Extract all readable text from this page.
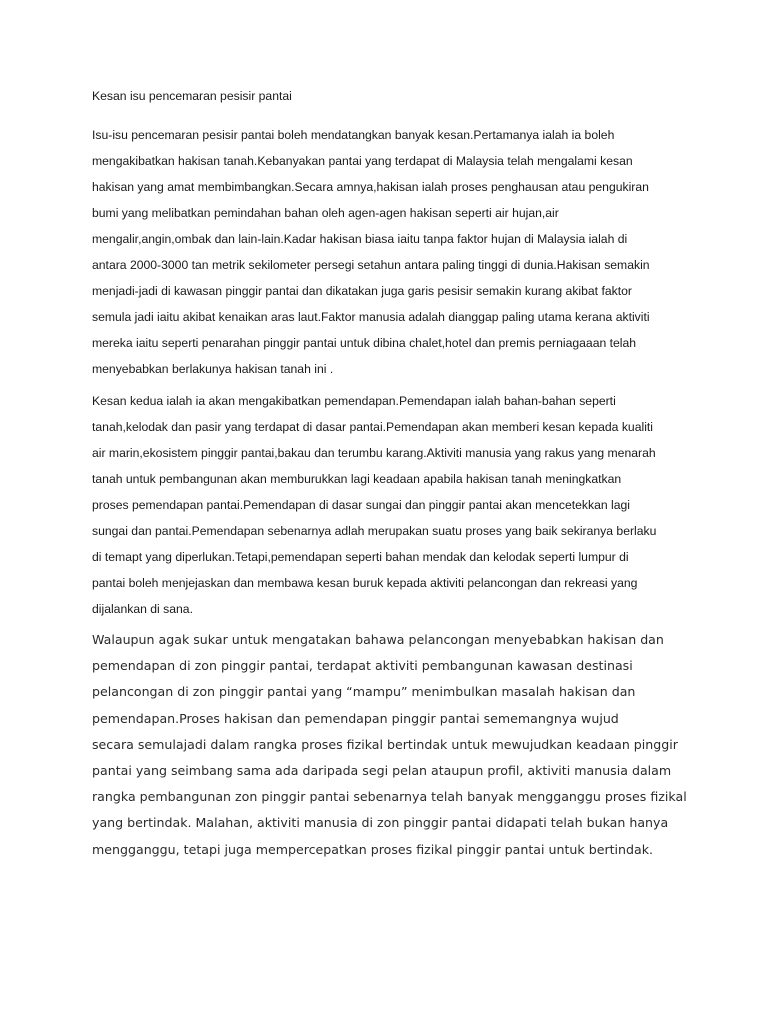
Kesan isu pencemaran pesisir pantai

Isu-isu pencemaran pesisir pantai boleh mendatangkan banyak kesan.Pertamanya ialah ia boleh
mengakibatkan hakisan tanah.Kebanyakan pantai yang terdapat di Malaysia telah mengalami kesan
hakisan yang amat membimbangkan.Secara amnya,hakisan ialah proses penghausan atau pengukiran
bumi yang melibatkan pemindahan bahan oleh agen-agen hakisan seperti air hujan,air
mengalir,angin,ombak dan lain-lain.Kadar hakisan biasa iaitu tanpa faktor hujan di Malaysia ialah di
antara 2000-3000 tan metrik sekilometer persegi setahun antara paling tinggi di dunia.Hakisan semakin
menjadi-jadi di kawasan pinggir pantai dan dikatakan juga garis pesisir semakin kurang akibat faktor
semula jadi iaitu akibat kenaikan aras laut.Faktor manusia adalah dianggap paling utama kerana aktiviti
mereka iaitu seperti penarahan pinggir pantai untuk dibina chalet,hotel dan premis perniagaaan telah
menyebabkan berlakunya hakisan tanah ini .

Kesan kedua ialah ia akan mengakibatkan pemendapan.Pemendapan ialah bahan-bahan seperti
tanah,kelodak dan pasir yang terdapat di dasar pantai.Pemendapan akan memberi kesan kepada kualiti
air marin,ekosistem pinggir pantai,bakau dan terumbu karang.Aktiviti manusia yang rakus yang menarah
tanah untuk pembangunan akan memburukkan lagi keadaan apabila hakisan tanah meningkatkan
proses pemendapan pantai.Pemendapan di dasar sungai dan pinggir pantai akan mencetekkan lagi
sungai dan pantai.Pemendapan sebenarnya adlah merupakan suatu proses yang baik sekiranya berlaku
di temapt yang diperlukan.Tetapi,pemendapan seperti bahan mendak dan kelodak seperti lumpur di
pantai boleh menjejaskan dan membawa kesan buruk kepada aktiviti pelancongan dan rekreasi yang
dijalankan di sana.

Walaupun agak sukar untuk mengatakan bahawa pelancongan menyebabkan hakisan dan
pemendapan di zon pinggir pantai, terdapat aktiviti pembangunan kawasan destinasi
pelancongan di zon pinggir pantai yang “mampu” menimbulkan masalah hakisan dan
pemendapan.Proses hakisan dan pemendapan pinggir pantai sememangnya wujud
secara semulajadi dalam rangka proses fizikal bertindak untuk mewujudkan keadaan pinggir
pantai yang seimbang sama ada daripada segi pelan ataupun profil, aktiviti manusia dalam
rangka pembangunan zon pinggir pantai sebenarnya telah banyak mengganggu proses fizikal
yang bertindak. Malahan, aktiviti manusia di zon pinggir pantai didapati telah bukan hanya
mengganggu, tetapi juga mempercepatkan proses fizikal pinggir pantai untuk bertindak.
